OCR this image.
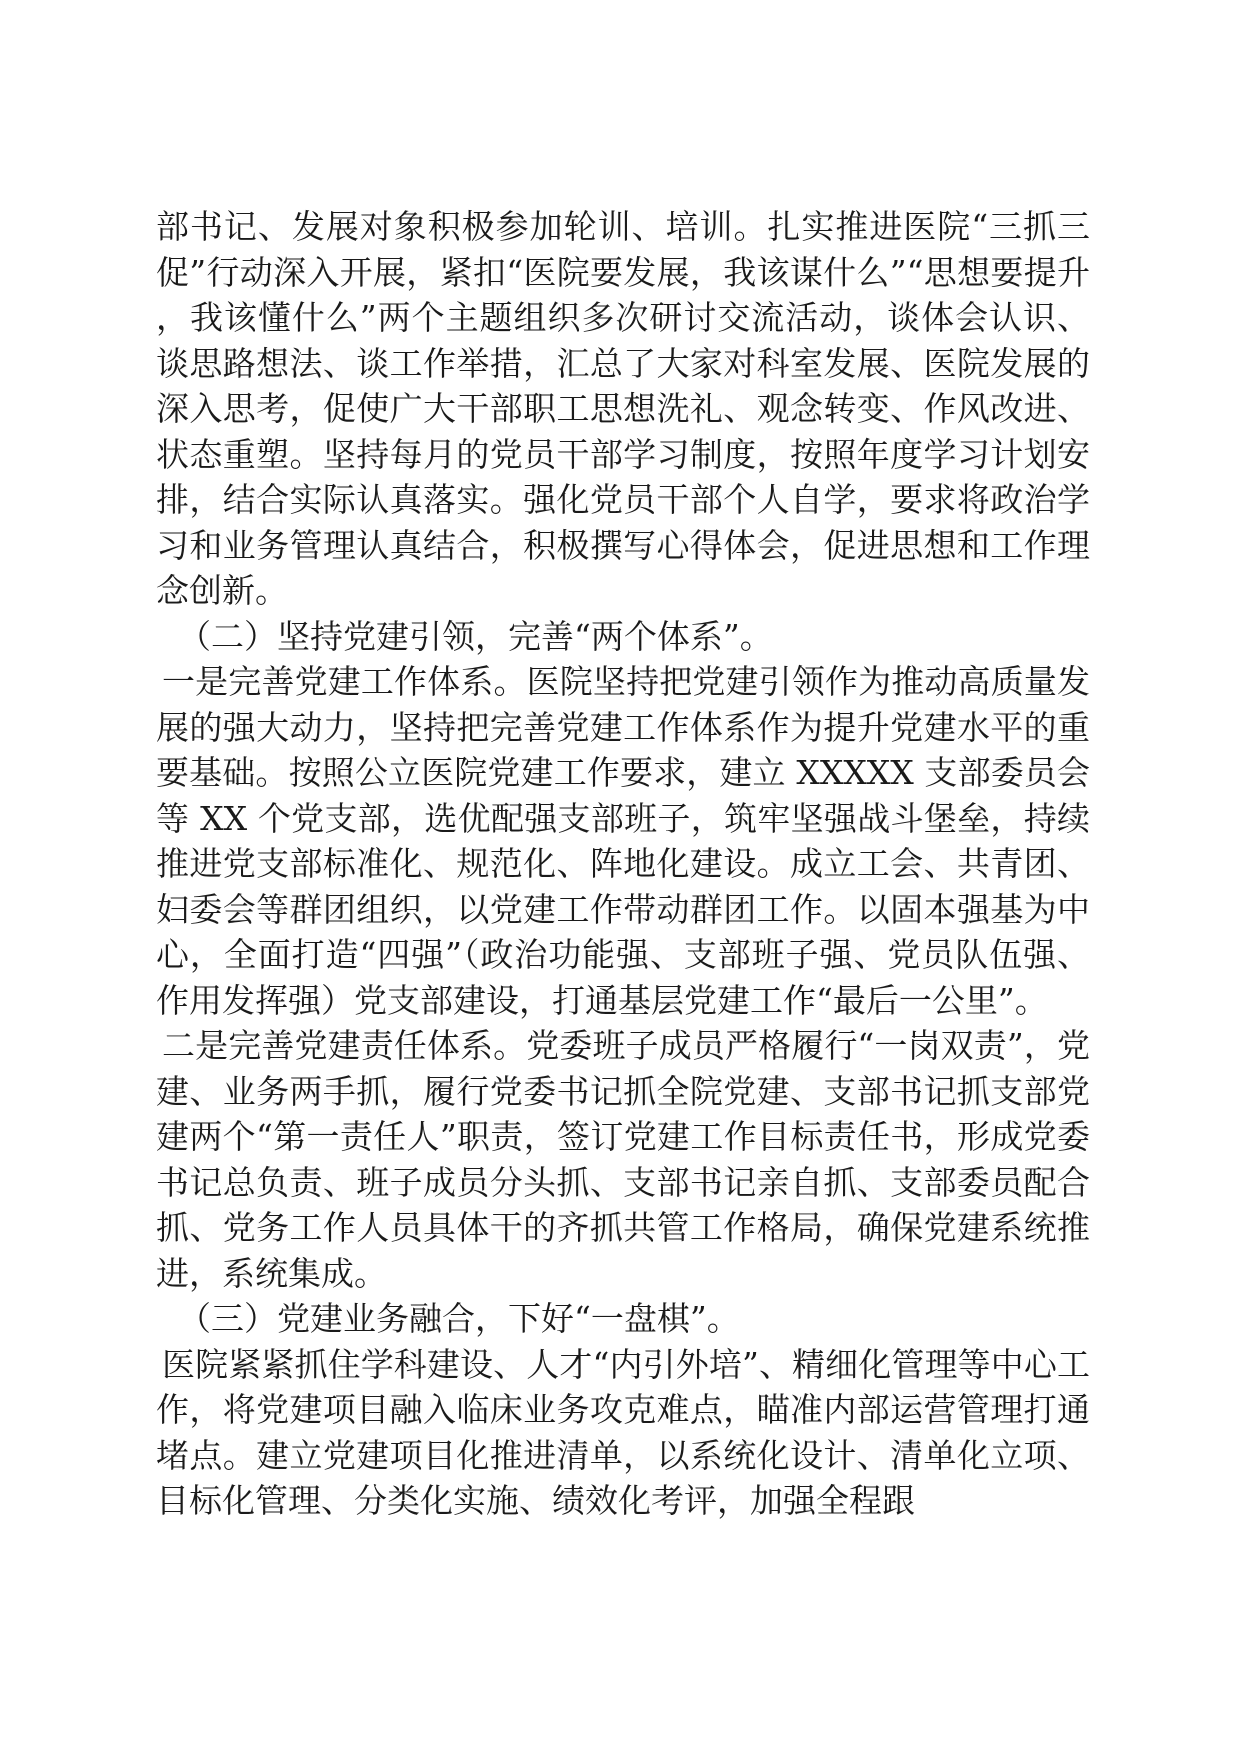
部书记、发展对象积极参加轮训、培训。扎实推进医院“三抓三促”行动深入开展，紧扣“医院要发展，我该谋什么”“思想要提升，我该懂什么”两个主题组织多次研讨交流活动，谈体会认识、谈思路想法、谈工作举措，汇总了大家对科室发展、医院发展的深入思考，促使广大干部职工思想洗礼、观念转变、作风改进、状态重塑。坚持每月的党员干部学习制度，按照年度学习计划安排，结合实际认真落实。强化党员干部个人自学，要求将政治学习和业务管理认真结合，积极撰写心得体会，促进思想和工作理念创新。

（二）坚持党建引领，完善“两个体系”。

一是完善党建工作体系。医院坚持把党建引领作为推动高质量发展的强大动力，坚持把完善党建工作体系作为提升党建水平的重要基础。按照公立医院党建工作要求，建立 XXXXX 支部委员会等 XX 个党支部，选优配强支部班子，筑牢坚强战斗堡垒，持续推进党支部标准化、规范化、阵地化建设。成立工会、共青团、妇委会等群团组织，以党建工作带动群团工作。以固本强基为中心，全面打造“四强”（政治功能强、支部班子强、党员队伍强、作用发挥强）党支部建设，打通基层党建工作“最后一公里”。

二是完善党建责任体系。党委班子成员严格履行“一岗双责”，党建、业务两手抓，履行党委书记抓全院党建、支部书记抓支部党建两个“第一责任人”职责，签订党建工作目标责任书，形成党委书记总负责、班子成员分头抓、支部书记亲自抓、支部委员配合抓、党务工作人员具体干的齐抓共管工作格局，确保党建系统推进，系统集成。

（三）党建业务融合，下好“一盘棋”。

医院紧紧抓住学科建设、人才“内引外培”、精细化管理等中心工作，将党建项目融入临床业务攻克难点，瞄准内部运营管理打通堵点。建立党建项目化推进清单，以系统化设计、清单化立项、目标化管理、分类化实施、绩效化考评，加强全程跟
